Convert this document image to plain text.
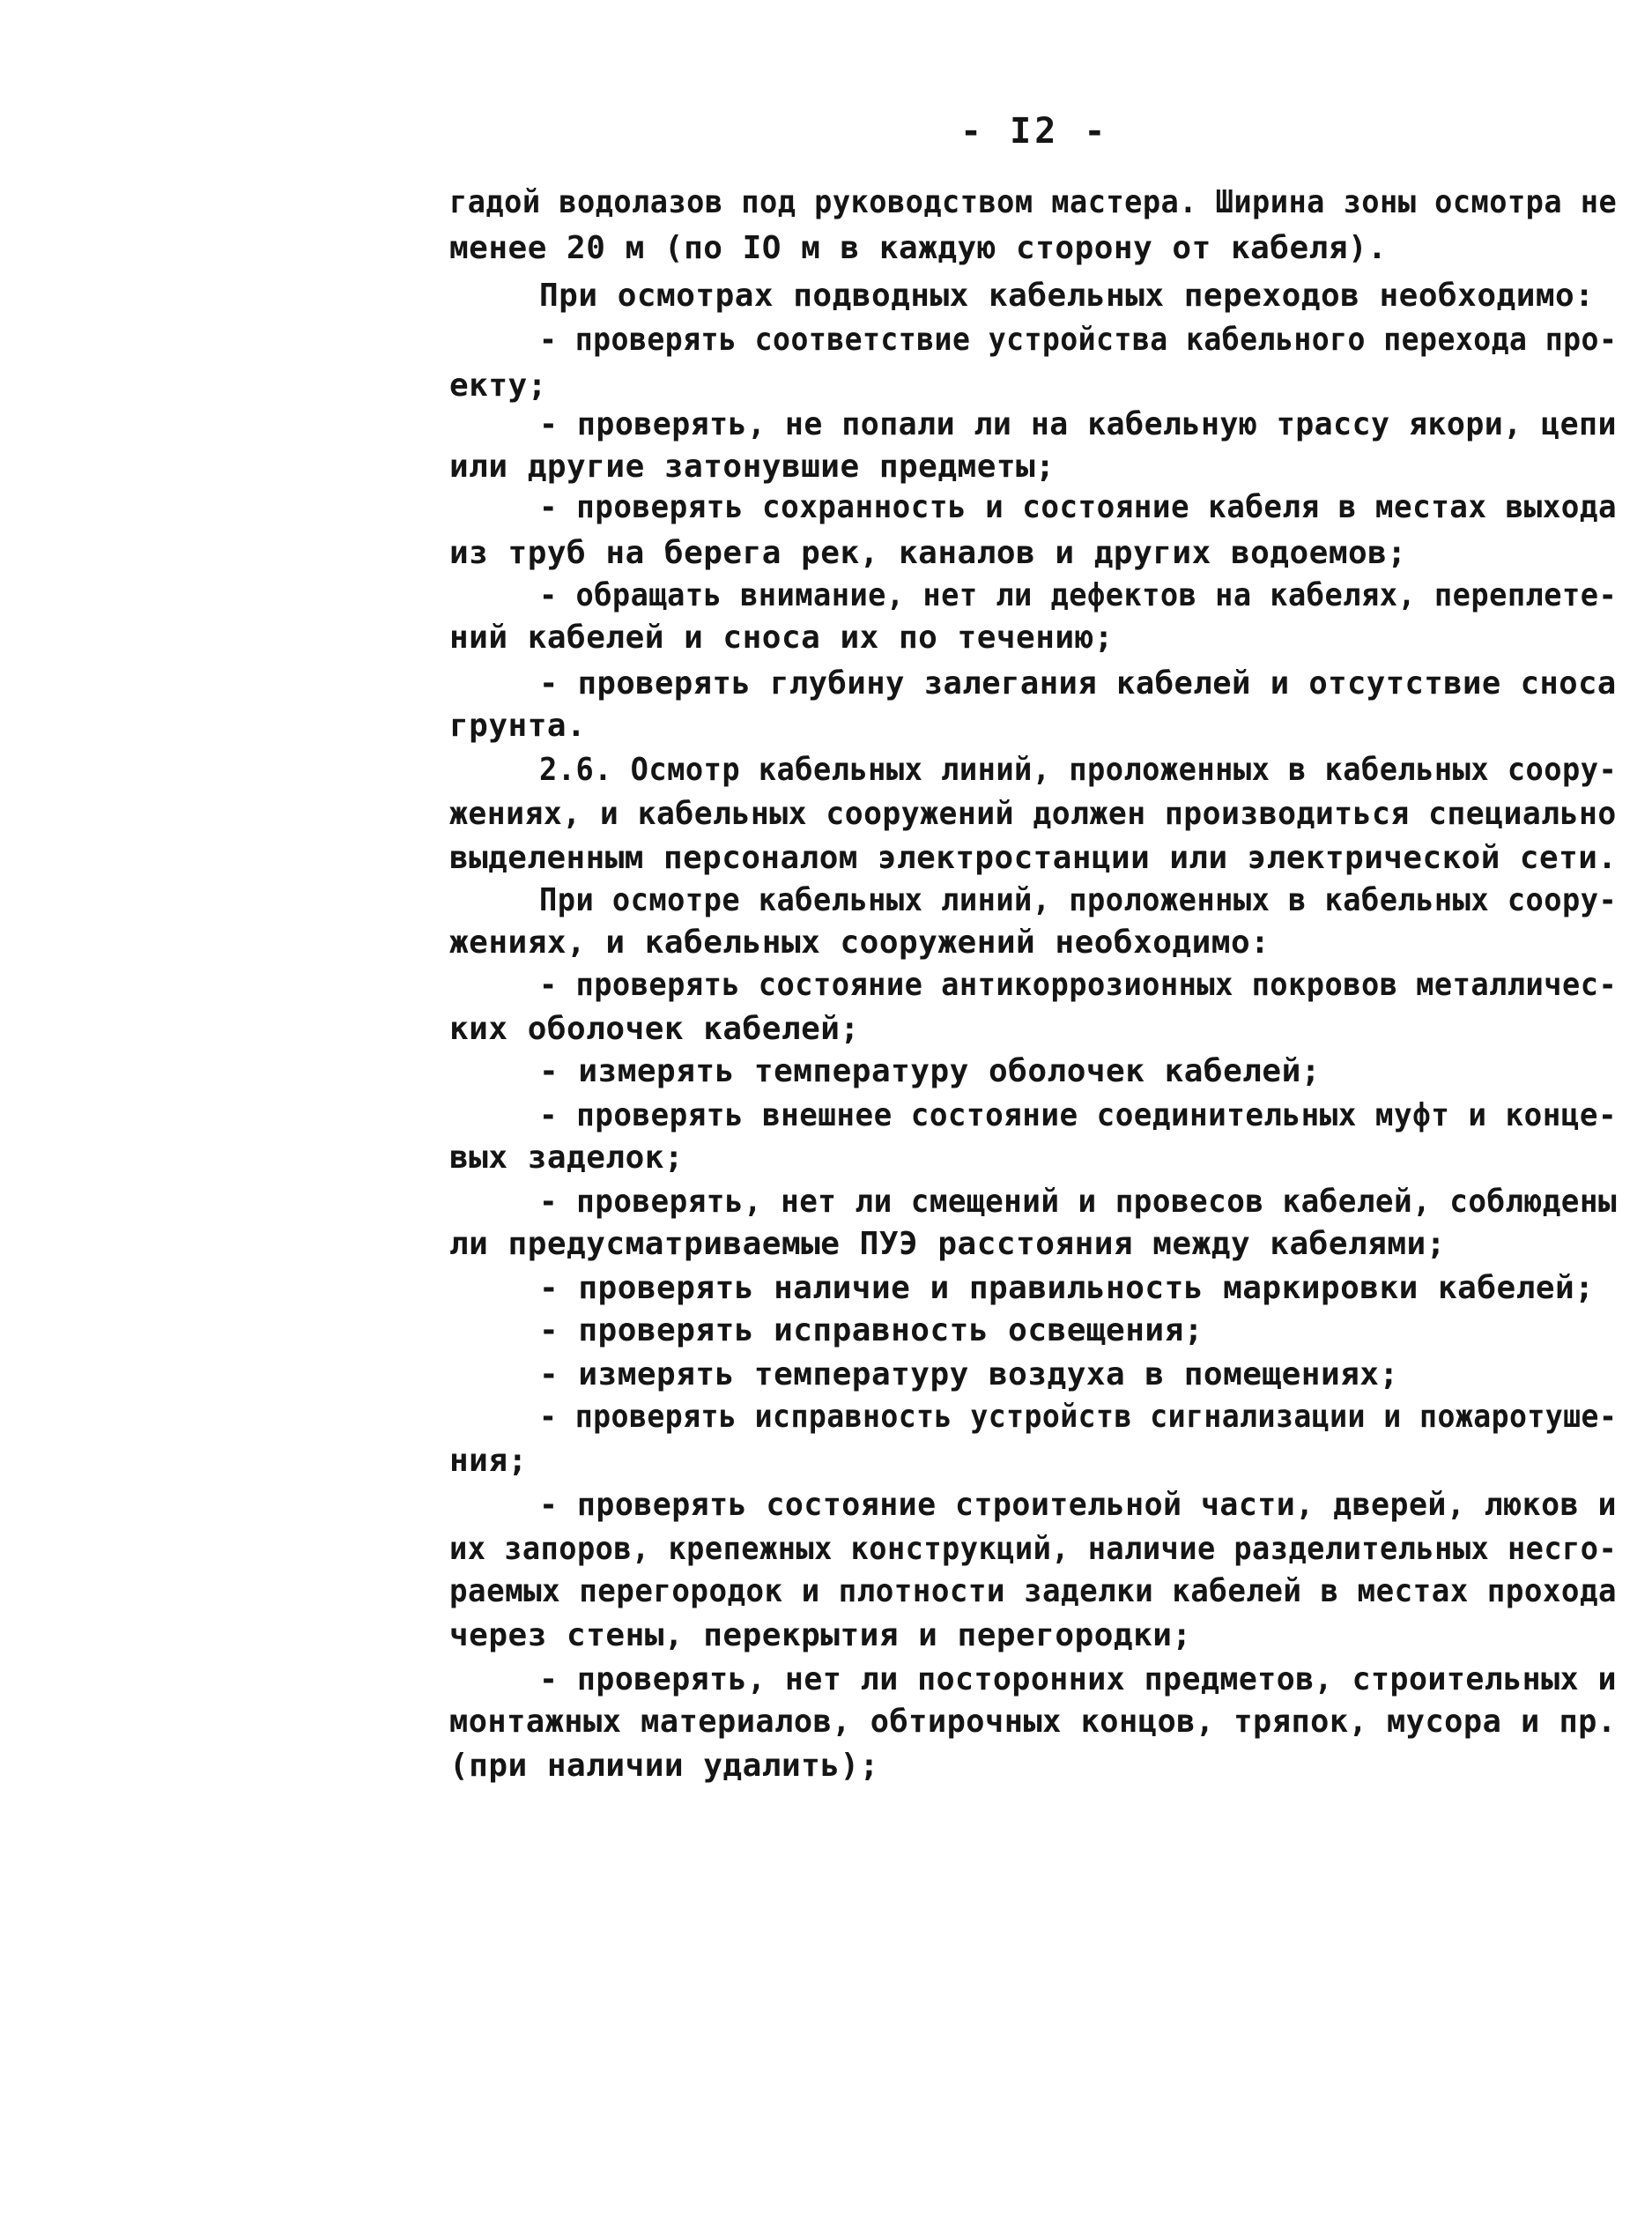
- I2 -
гадой водолазов под руководством мастера. Ширина зоны осмотра не
менее 20 м (по IO м в каждую сторону от кабеля).
При осмотрах подводных кабельных переходов необходимо:
- проверять соответствие устройства кабельного перехода про-
екту;
- проверять, не попали ли на кабельную трассу якори, цепи
или другие затонувшие предметы;
- проверять сохранность и состояние кабеля в местах выхода
из труб на берега рек, каналов и других водоемов;
- обращать внимание, нет ли дефектов на кабелях, переплете-
ний кабелей и сноса их по течению;
- проверять глубину залегания кабелей и отсутствие сноса
грунта.
2.6. Осмотр кабельных линий, проложенных в кабельных соору-
жениях, и кабельных сооружений должен производиться специально
выделенным персоналом электростанции или электрической сети.
При осмотре кабельных линий, проложенных в кабельных соору-
жениях, и кабельных сооружений необходимо:
- проверять состояние антикоррозионных покровов металличес-
ких оболочек кабелей;
- измерять температуру оболочек кабелей;
- проверять внешнее состояние соединительных муфт и концe-
вых заделок;
- проверять, нет ли смещений и провесов кабелей, соблюдены
ли предусматриваемые ПУЭ расстояния между кабелями;
- проверять наличие и правильность маркировки кабелей;
- проверять исправность освещения;
- измерять температуру воздуха в помещениях;
- проверять исправность устройств сигнализации и пожаротуше-
ния;
- проверять состояние строительной части, дверей, люков и
их запоров, крепежных конструкций, наличие разделительных несго-
раемых перегородок и плотности заделки кабелей в местах прохода
через стены, перекрытия и перегородки;
- проверять, нет ли посторонних предметов, строительных и
монтажных материалов, обтирочных концов, тряпок, мусора и пр.
(при наличии удалить);
